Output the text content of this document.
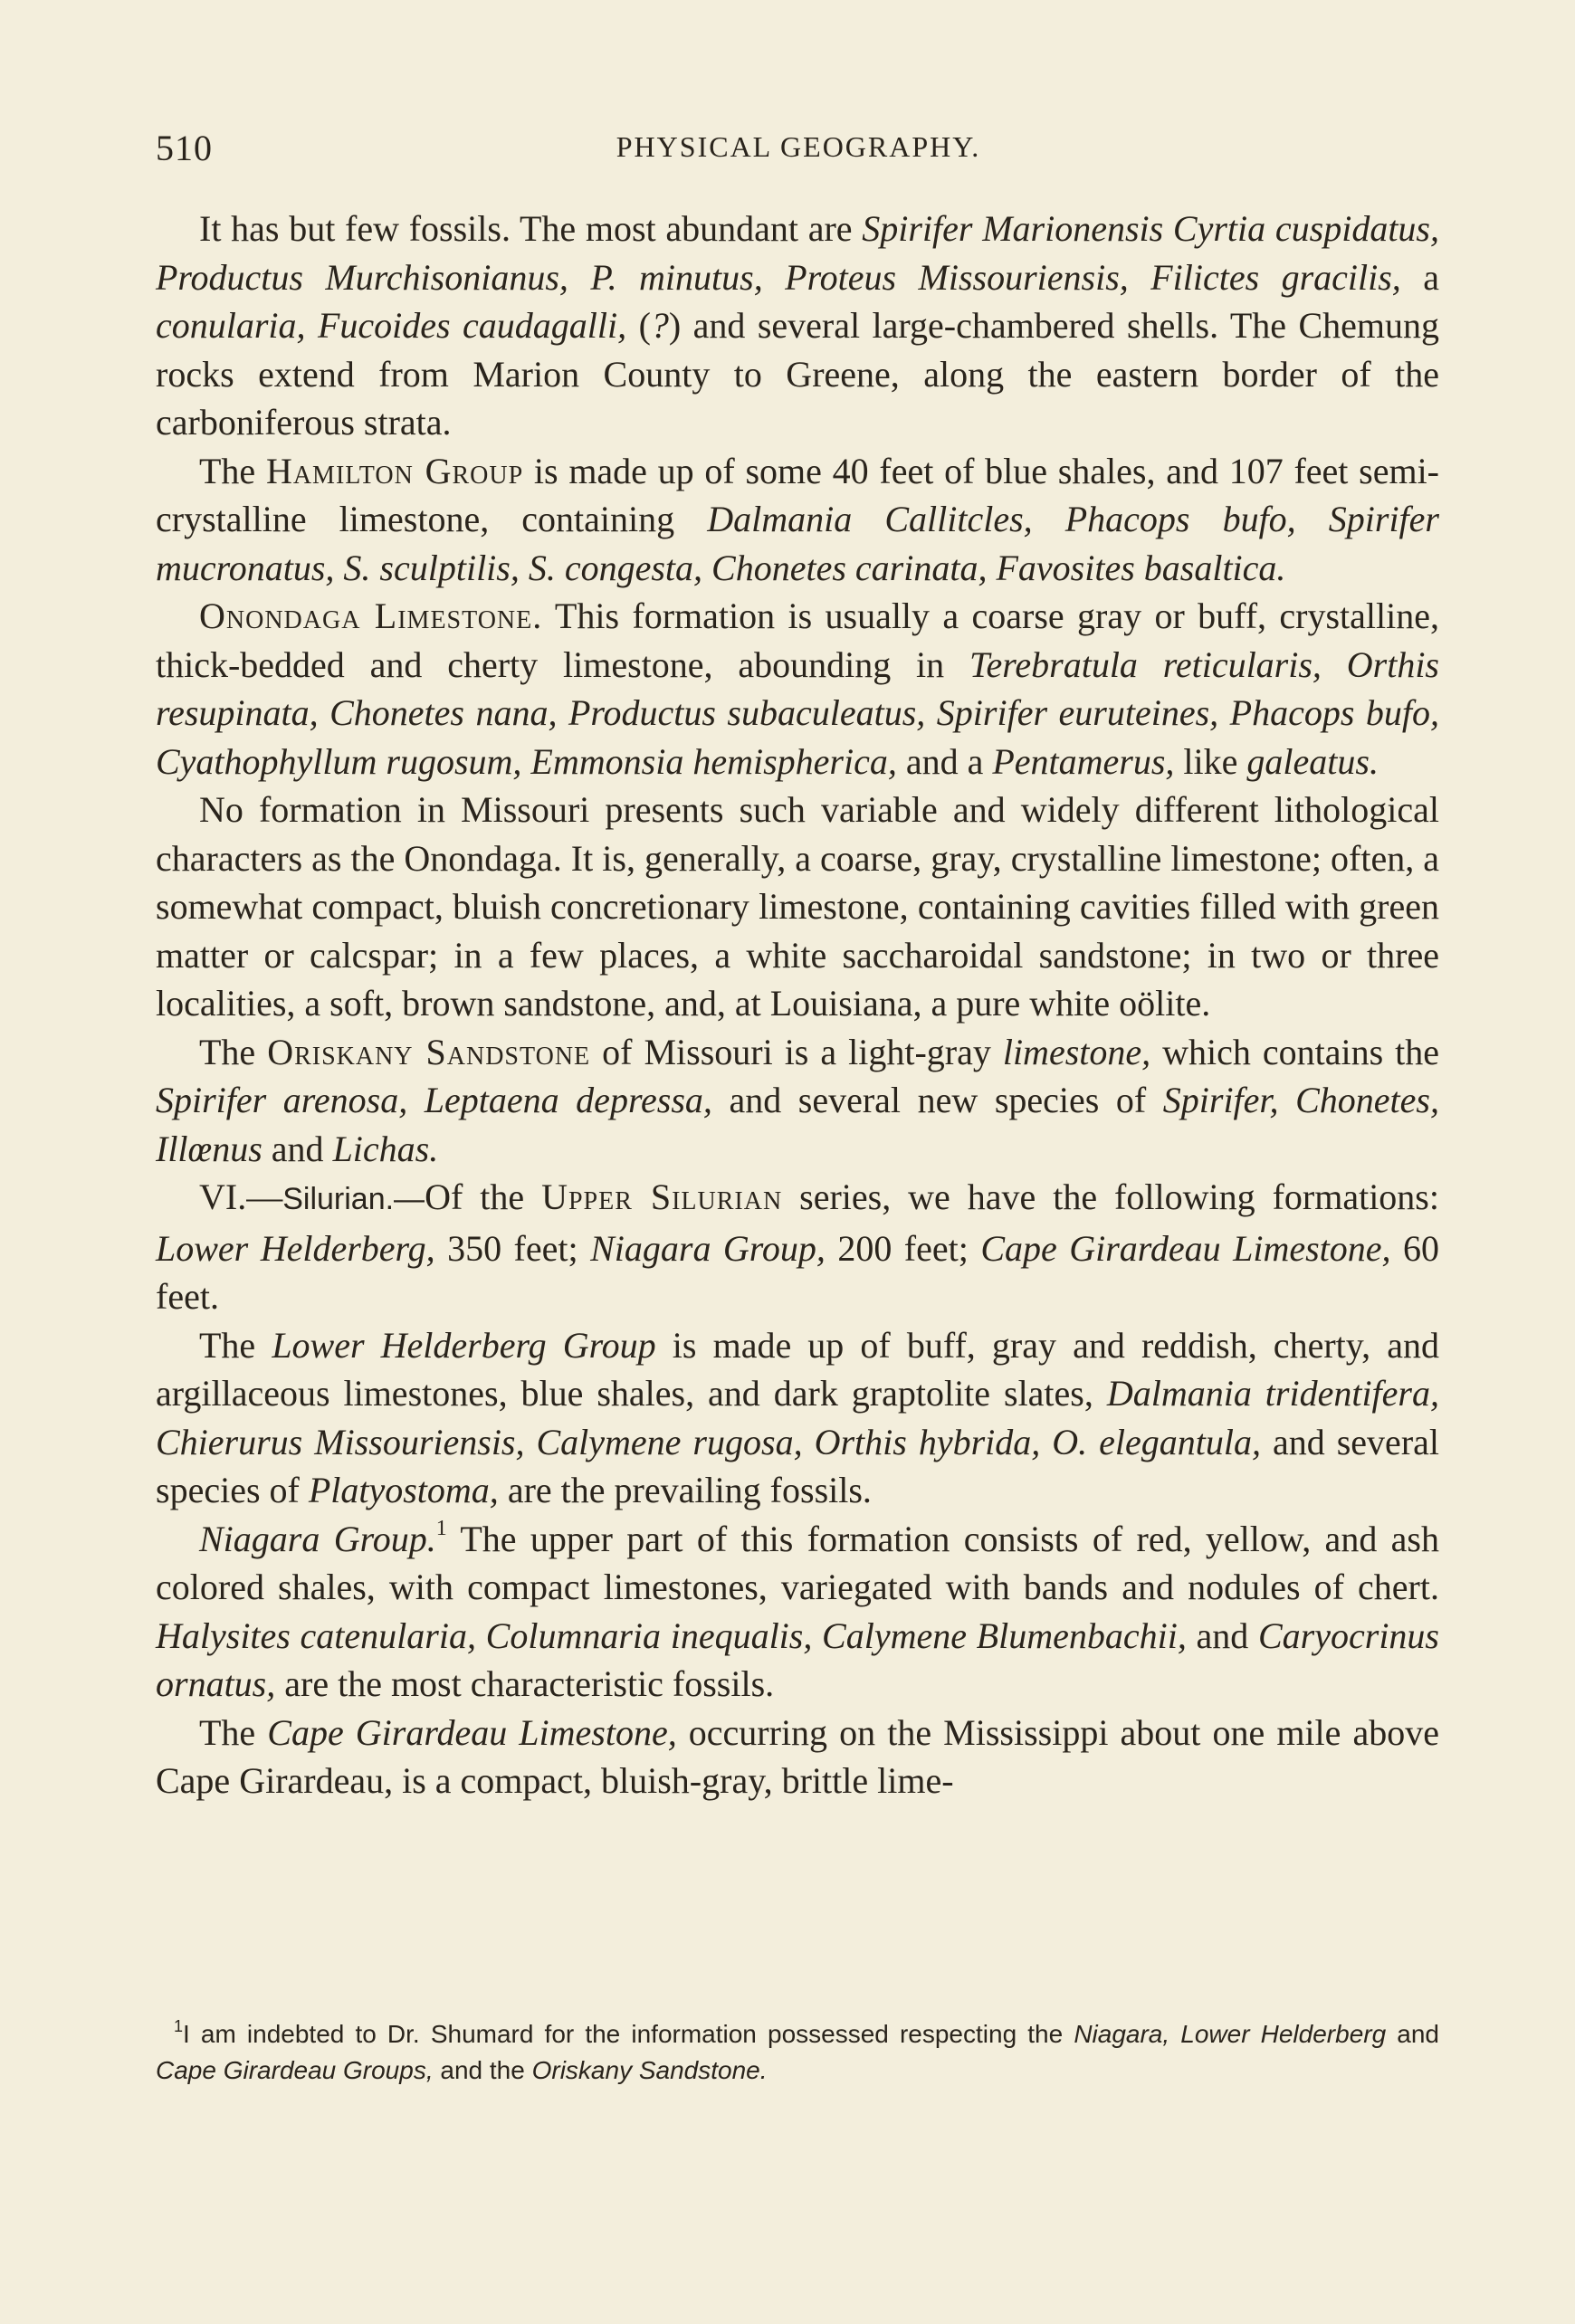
510	PHYSICAL GEOGRAPHY.

It has but few fossils. The most abundant are Spirifer Marionensis Cyrtia cuspidatus, Productus Murchisonianus, P. minutus, Proteus Missouriensis, Filictes gracilis, a conularia, Fucoides caudagalli, (?) and several large-chambered shells. The Chemung rocks extend from Marion County to Greene, along the eastern border of the carboniferous strata.

The Hamilton Group is made up of some 40 feet of blue shales, and 107 feet semi-crystalline limestone, containing Dalmania Callitcles, Phacops bufo, Spirifer mucronatus, S. sculptilis, S. congesta, Chonetes carinata, Favosites basaltica.

Onondaga Limestone. This formation is usually a coarse gray or buff, crystalline, thick-bedded and cherty limestone, abounding in Terebratula reticularis, Orthis resupinata, Chonetes nana, Productus subaculeatus, Spirifer euruteines, Phacops bufo, Cyathophyllum rugosum, Emmonsia hemispherica, and a Pentamerus, like galeatus.

No formation in Missouri presents such variable and widely different lithological characters as the Onondaga. It is, generally, a coarse, gray, crystalline limestone; often, a somewhat compact, bluish concretionary limestone, containing cavities filled with green matter or calcspar; in a few places, a white saccharoidal sandstone; in two or three localities, a soft, brown sandstone, and, at Louisiana, a pure white oölite.

The Oriskany Sandstone of Missouri is a light-gray limestone, which contains the Spirifer arenosa, Leptaena depressa, and several new species of Spirifer, Chonetes, Illœnus and Lichas.

VI.—Silurian.—Of the Upper Silurian series, we have the following formations: Lower Helderberg, 350 feet; Niagara Group, 200 feet; Cape Girardeau Limestone, 60 feet.

The Lower Helderberg Group is made up of buff, gray and reddish, cherty, and argillaceous limestones, blue shales, and dark graptolite slates, Dalmania tridentifera, Chierurus Missouriensis, Calymene rugosa, Orthis hybrida, O. elegantula, and several species of Platyostoma, are the prevailing fossils.

Niagara Group.$^1$ The upper part of this formation consists of red, yellow, and ash colored shales, with compact limestones, variegated with bands and nodules of chert. Halysites catenularia, Columnaria inequalis, Calymene Blumenbachii, and Caryocrinus ornatus, are the most characteristic fossils.

The Cape Girardeau Limestone, occurring on the Mississippi about one mile above Cape Girardeau, is a compact, bluish-gray, brittle lime-

$^1$I am indebted to Dr. Shumard for the information possessed respecting the Niagara, Lower Helderberg and Cape Girardeau Groups, and the Oriskany Sandstone.
